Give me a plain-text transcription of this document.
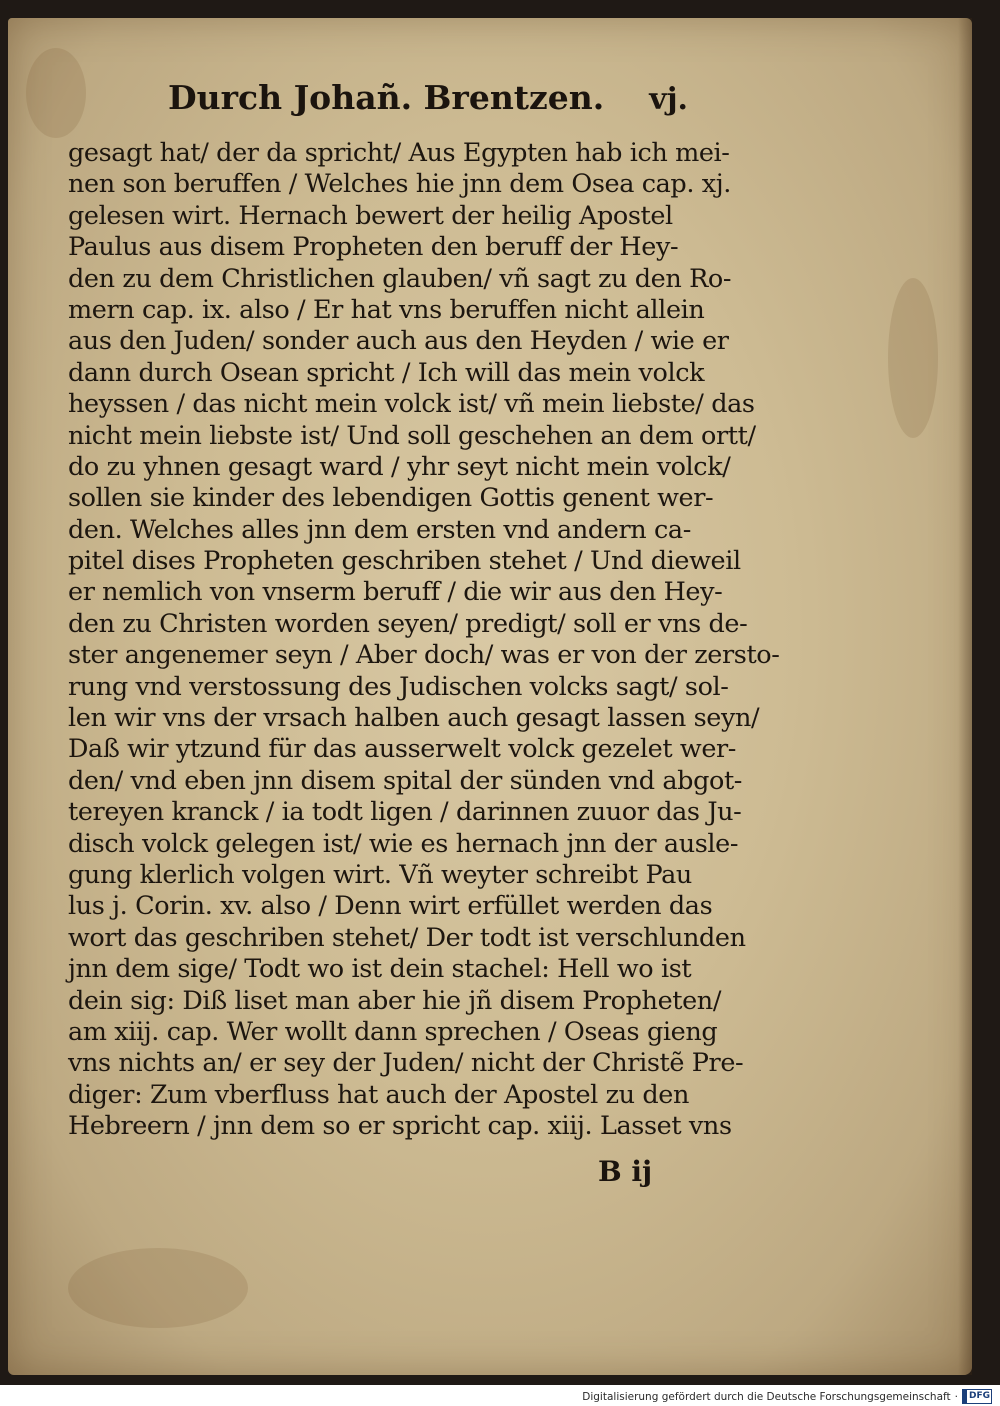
Durch Johañ. Brentzen. vj.
gesagt hat/ der da spricht/ Aus Egypten hab ich mei-
nen son beruffen / Welches hie jnn dem Osea cap. xj.
gelesen wirt. Hernach bewert der heilig Apostel
Paulus aus disem Propheten den beruff der Hey-
den zu dem Christlichen glauben/ vñ sagt zu den Ro-
mern cap. ix. also / Er hat vns beruffen nicht allein
aus den Juden/ sonder auch aus den Heyden / wie er
dann durch Osean spricht / Ich will das mein volck
heyssen / das nicht mein volck ist/ vñ mein liebste/ das
nicht mein liebste ist/ Und soll geschehen an dem ortt/
do zu yhnen gesagt ward / yhr seyt nicht mein volck/
sollen sie kinder des lebendigen Gottis genent wer-
den. Welches alles jnn dem ersten vnd andern ca-
pitel dises Propheten geschriben stehet / Und dieweil
er nemlich von vnserm beruff / die wir aus den Hey-
den zu Christen worden seyen/ predigt/ soll er vns de-
ster angenemer seyn / Aber doch/ was er von der zersto-
rung vnd verstossung des Judischen volcks sagt/ sol-
len wir vns der vrsach halben auch gesagt lassen seyn/
Daß wir ytzund für das ausserwelt volck gezelet wer-
den/ vnd eben jnn disem spital der sünden vnd abgot-
tereyen kranck / ia todt ligen / darinnen zuuor das Ju-
disch volck gelegen ist/ wie es hernach jnn der ausle-
gung klerlich volgen wirt. Vñ weyter schreibt Pau
lus j. Corin. xv. also / Denn wirt erfüllet werden das
wort das geschriben stehet/ Der todt ist verschlunden
jnn dem sige/ Todt wo ist dein stachel: Hell wo ist
dein sig: Diß liset man aber hie jñ disem Propheten/
am xiij. cap. Wer wollt dann sprechen / Oseas gieng
vns nichts an/ er sey der Juden/ nicht der Christẽ Pre-
diger: Zum vberfluss hat auch der Apostel zu den
Hebreern / jnn dem so er spricht cap. xiij. Lasset vns
B ij
Digitalisierung gefördert durch die Deutsche Forschungsgemeinschaft · DFG
